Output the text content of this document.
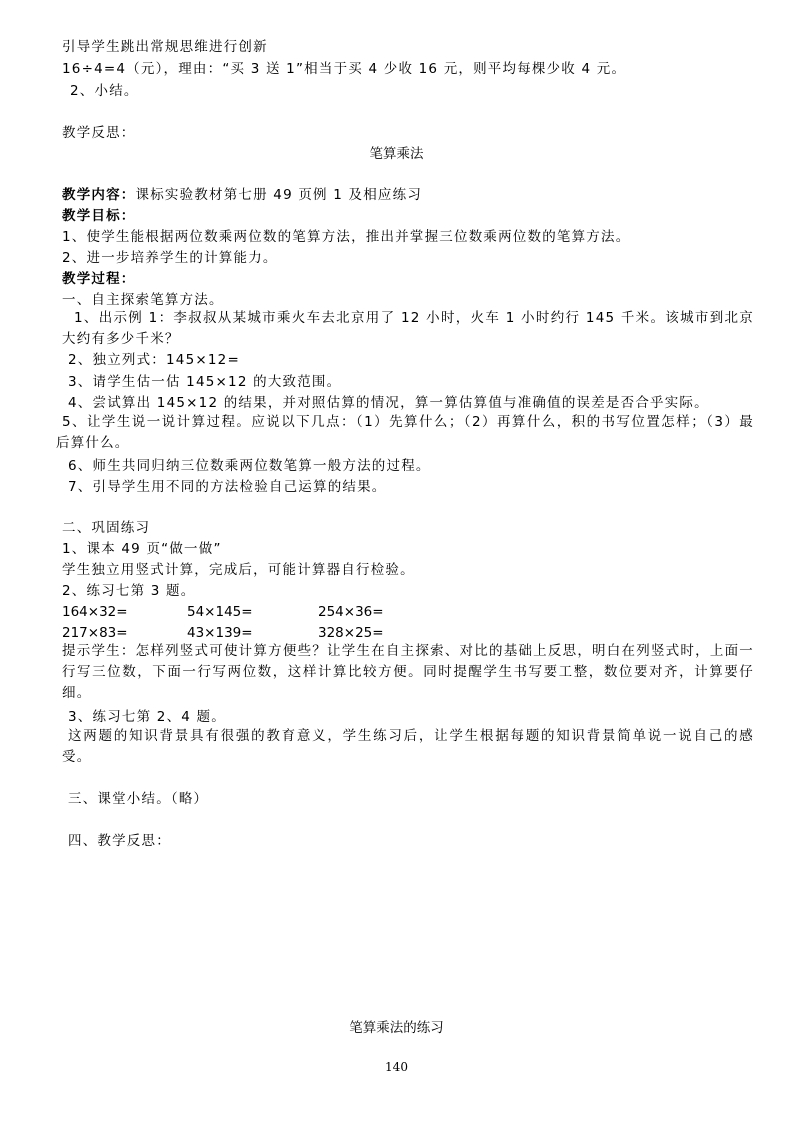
引导学生跳出常规思维进行创新
16÷4=4（元），理由：“买 3 送 1”相当于买 4 少收 16 元，则平均每棵少收 4 元。
2、小结。
教学反思：
笔算乘法
教学内容：课标实验教材第七册 49 页例 1 及相应练习
教学目标：
1、使学生能根据两位数乘两位数的笔算方法，推出并掌握三位数乘两位数的笔算方法。
2、进一步培养学生的计算能力。
教学过程：
一、自主探索笔算方法。
1、出示例 1：李叔叔从某城市乘火车去北京用了 12 小时，火车 1 小时约行 145 千米。该城市到北京大约有多少千米？
2、独立列式：145×12=
3、请学生估一估 145×12 的大致范围。
4、尝试算出 145×12 的结果，并对照估算的情况，算一算估算值与准确值的误差是否合乎实际。
5、让学生说一说计算过程。应说以下几点：（1）先算什么；（2）再算什么，积的书写位置怎样；（3）最后算什么。
6、师生共同归纳三位数乘两位数笔算一般方法的过程。
7、引导学生用不同的方法检验自己运算的结果。
二、巩固练习
1、课本 49 页“做一做”
学生独立用竖式计算，完成后，可能计算器自行检验。
2、练习七第 3 题。
164×32=	54×145=	254×36=
217×83=	43×139=	328×25=
提示学生：怎样列竖式可使计算方便些？让学生在自主探索、对比的基础上反思，明白在列竖式时，上面一行写三位数，下面一行写两位数，这样计算比较方便。同时提醒学生书写要工整，数位要对齐，计算要仔细。
3、练习七第 2、4 题。
这两题的知识背景具有很强的教育意义，学生练习后，让学生根据每题的知识背景简单说一说自己的感受。
三、课堂小结。（略）
四、教学反思：
笔算乘法的练习
140
